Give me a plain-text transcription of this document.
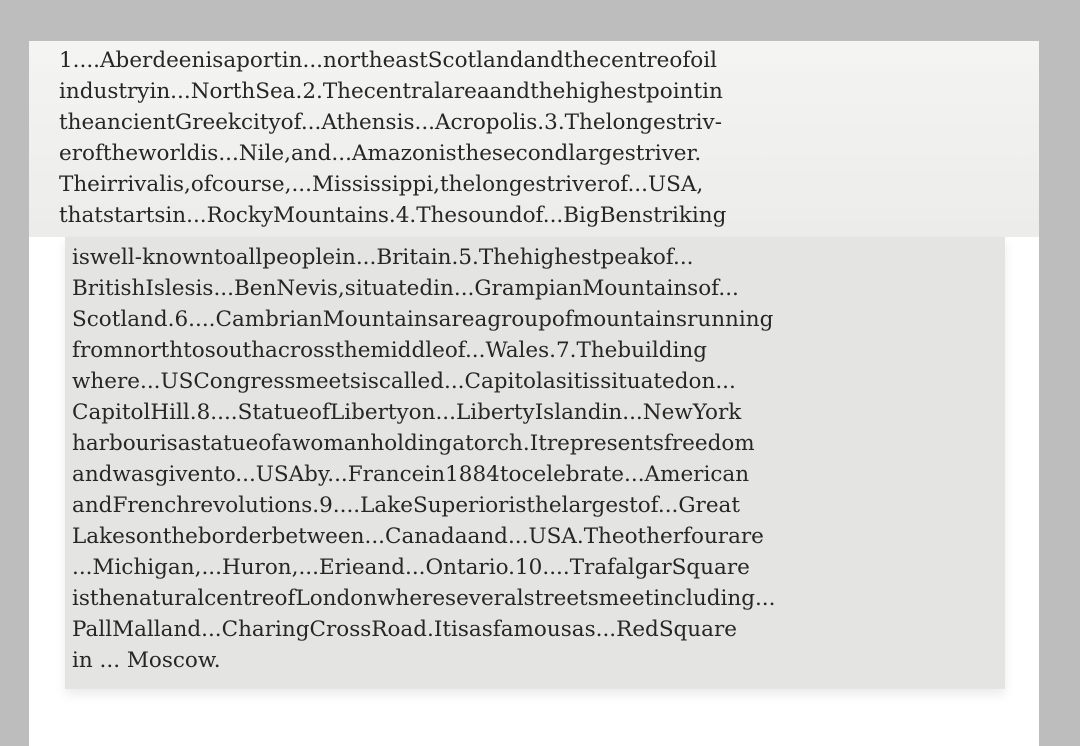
1....Aberdeenisaportin...northeastScotlandandthecentreofoil
industryin...NorthSea.2.Thecentralareaandthehighestpointin
theancientGreekcityof...Athensis...Acropolis.3.Thelongestriv-
eroftheworldis...Nile,and...Amazonisthesecondlargestriver.
Theirrivalis,ofcourse,...Mississippi,thelongestriverof...USA,
thatstartsin...RockyMountains.4.Thesoundof...BigBenstriking
iswell-knowntoallpeoplein...Britain.5.Thehighestpeakof...
BritishIslesis...BenNevis,situatedin...GrampianMountainsof...
Scotland.6....CambrianMountainsareagroupofmountainsrunning
fromnorthtosouthacrossthemiddleof...Wales.7.Thebuilding
where...USCongressmeetsiscalled...Capitolasitissituatedon...
CapitolHill.8....StatueofLibertyon...LibertyIslandin...NewYork
harbourisastatueofawomanholdingatorch.Itrepresentsfreedom
andwasgivento...USAby...Francein1884tocelebrate...American
andFrenchrevolutions.9....LakeSuperioristhelargestof...Great
Lakesontheborderbetween...Canadaand...USA.Theotherfourare
...Michigan,...Huron,...Erieand...Ontario.10....TrafalgarSquare
isthenaturalcentreofLondonwhereseveralstreetsmeetincluding...
PallMalland...CharingCrossRoad.Itisasfamousas...RedSquare
in ... Moscow.
